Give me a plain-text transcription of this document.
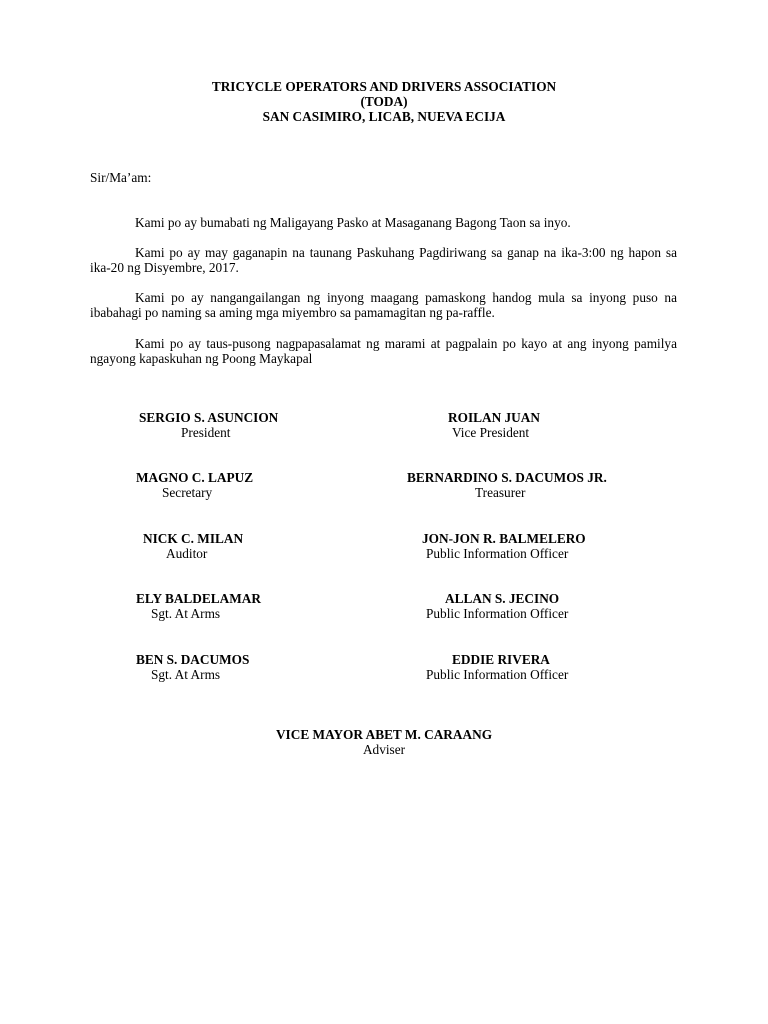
TRICYCLE OPERATORS AND DRIVERS ASSOCIATION
(TODA)
SAN CASIMIRO, LICAB, NUEVA ECIJA
Sir/Ma’am:
Kami po ay bumabati ng Maligayang Pasko at Masaganang Bagong Taon sa inyo.
Kami po ay may gaganapin na taunang Paskuhang Pagdiriwang sa ganap na ika-3:00 ng hapon sa ika-20 ng Disyembre, 2017.
Kami po ay nangangailangan ng inyong maagang pamaskong handog mula sa inyong puso na ibabahagi po naming sa aming mga miyembro sa pamamagitan ng pa-raffle.
Kami po ay taus-pusong nagpapasalamat ng marami at pagpalain po kayo at ang inyong pamilya ngayong kapaskuhan ng Poong Maykapal
SERGIO S. ASUNCION
President
MAGNO C. LAPUZ
Secretary
NICK C. MILAN
Auditor
ELY BALDELAMAR
Sgt. At Arms
BEN S. DACUMOS
Sgt. At Arms
ROILAN JUAN
Vice President
BERNARDINO S. DACUMOS JR.
Treasurer
JON-JON R. BALMELERO
Public Information Officer
ALLAN S. JECINO
Public Information Officer
EDDIE RIVERA
Public Information Officer
VICE MAYOR ABET M. CARAANG
Adviser
